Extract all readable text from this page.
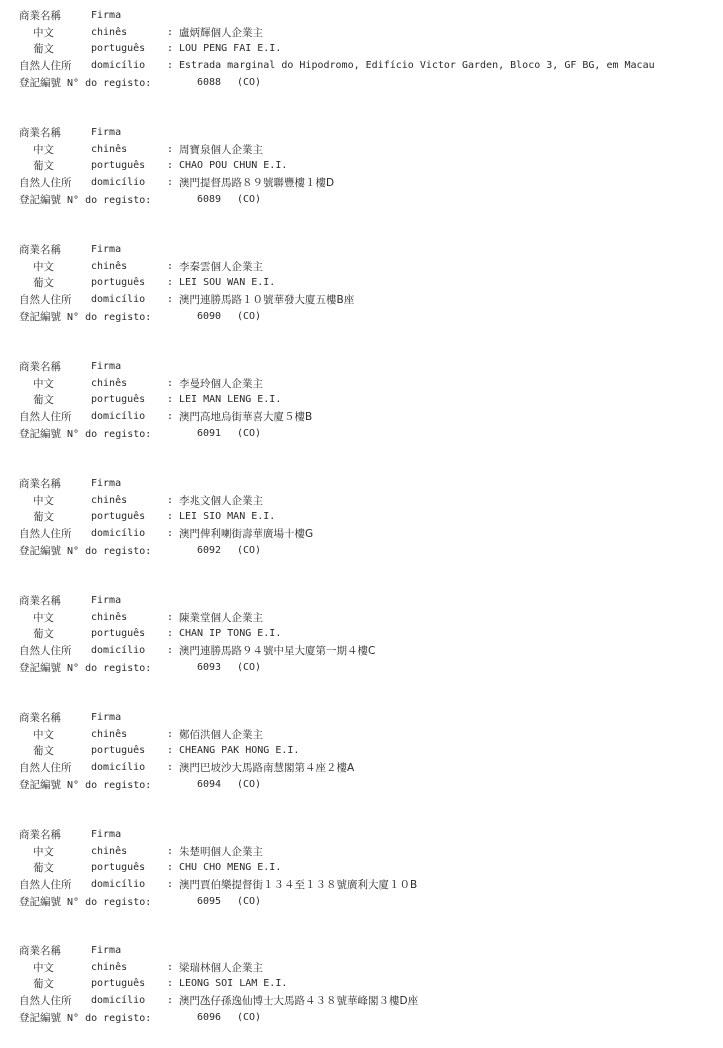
商業名稱	Firma
中文	chinês	: 盧炳輝個人企業主
葡文	português : LOU PENG FAI E.I.
自然人住所 domicílio : Estrada marginal do Hipodromo, Edifício Victor Garden, Bloco 3, GF BG, em Macau
登記編號 N° do registo:	6088 (CO)
商業名稱	Firma
中文	chinês	: 周寶泉個人企業主
葡文	português : CHAO POU CHUN E.I.
自然人住所 domicílio : 澳門提督馬路８９號聯豐樓１樓D
登記編號 N° do registo:	6089 (CO)
商業名稱	Firma
中文	chinês	: 李秦雲個人企業主
葡文	português : LEI SOU WAN E.I.
自然人住所 domicílio : 澳門連勝馬路１０號華發大廈五樓B座
登記編號 N° do registo:	6090 (CO)
商業名稱	Firma
中文	chinês	: 李曼玲個人企業主
葡文	português : LEI MAN LENG E.I.
自然人住所 domicílio : 澳門高地烏街華喜大廈５樓B
登記編號 N° do registo:	6091 (CO)
商業名稱	Firma
中文	chinês	: 李兆文個人企業主
葡文	português : LEI SIO MAN E.I.
自然人住所 domicílio : 澳門俾利喇街壽華廣場十樓G
登記編號 N° do registo:	6092 (CO)
商業名稱	Firma
中文	chinês	: 陳業堂個人企業主
葡文	português : CHAN IP TONG E.I.
自然人住所 domicílio : 澳門連勝馬路９４號中星大廈第一期４樓C
登記編號 N° do registo:	6093 (CO)
商業名稱	Firma
中文	chinês	: 鄭佰洪個人企業主
葡文	português : CHEANG PAK HONG E.I.
自然人住所 domicílio : 澳門巴坡沙大馬路南慧閣第４座２樓A
登記編號 N° do registo:	6094 (CO)
商業名稱	Firma
中文	chinês	: 朱楚明個人企業主
葡文	português : CHU CHO MENG E.I.
自然人住所 domicílio : 澳門賈伯樂提督街１３４至１３８號廣利大廈１０B
登記編號 N° do registo:	6095 (CO)
商業名稱	Firma
中文	chinês	: 梁瑞林個人企業主
葡文	português : LEONG SOI LAM E.I.
自然人住所 domicílio : 澳門氹仔孫逸仙博士大馬路４３８號華峰閣３樓D座
登記編號 N° do registo:	6096 (CO)
